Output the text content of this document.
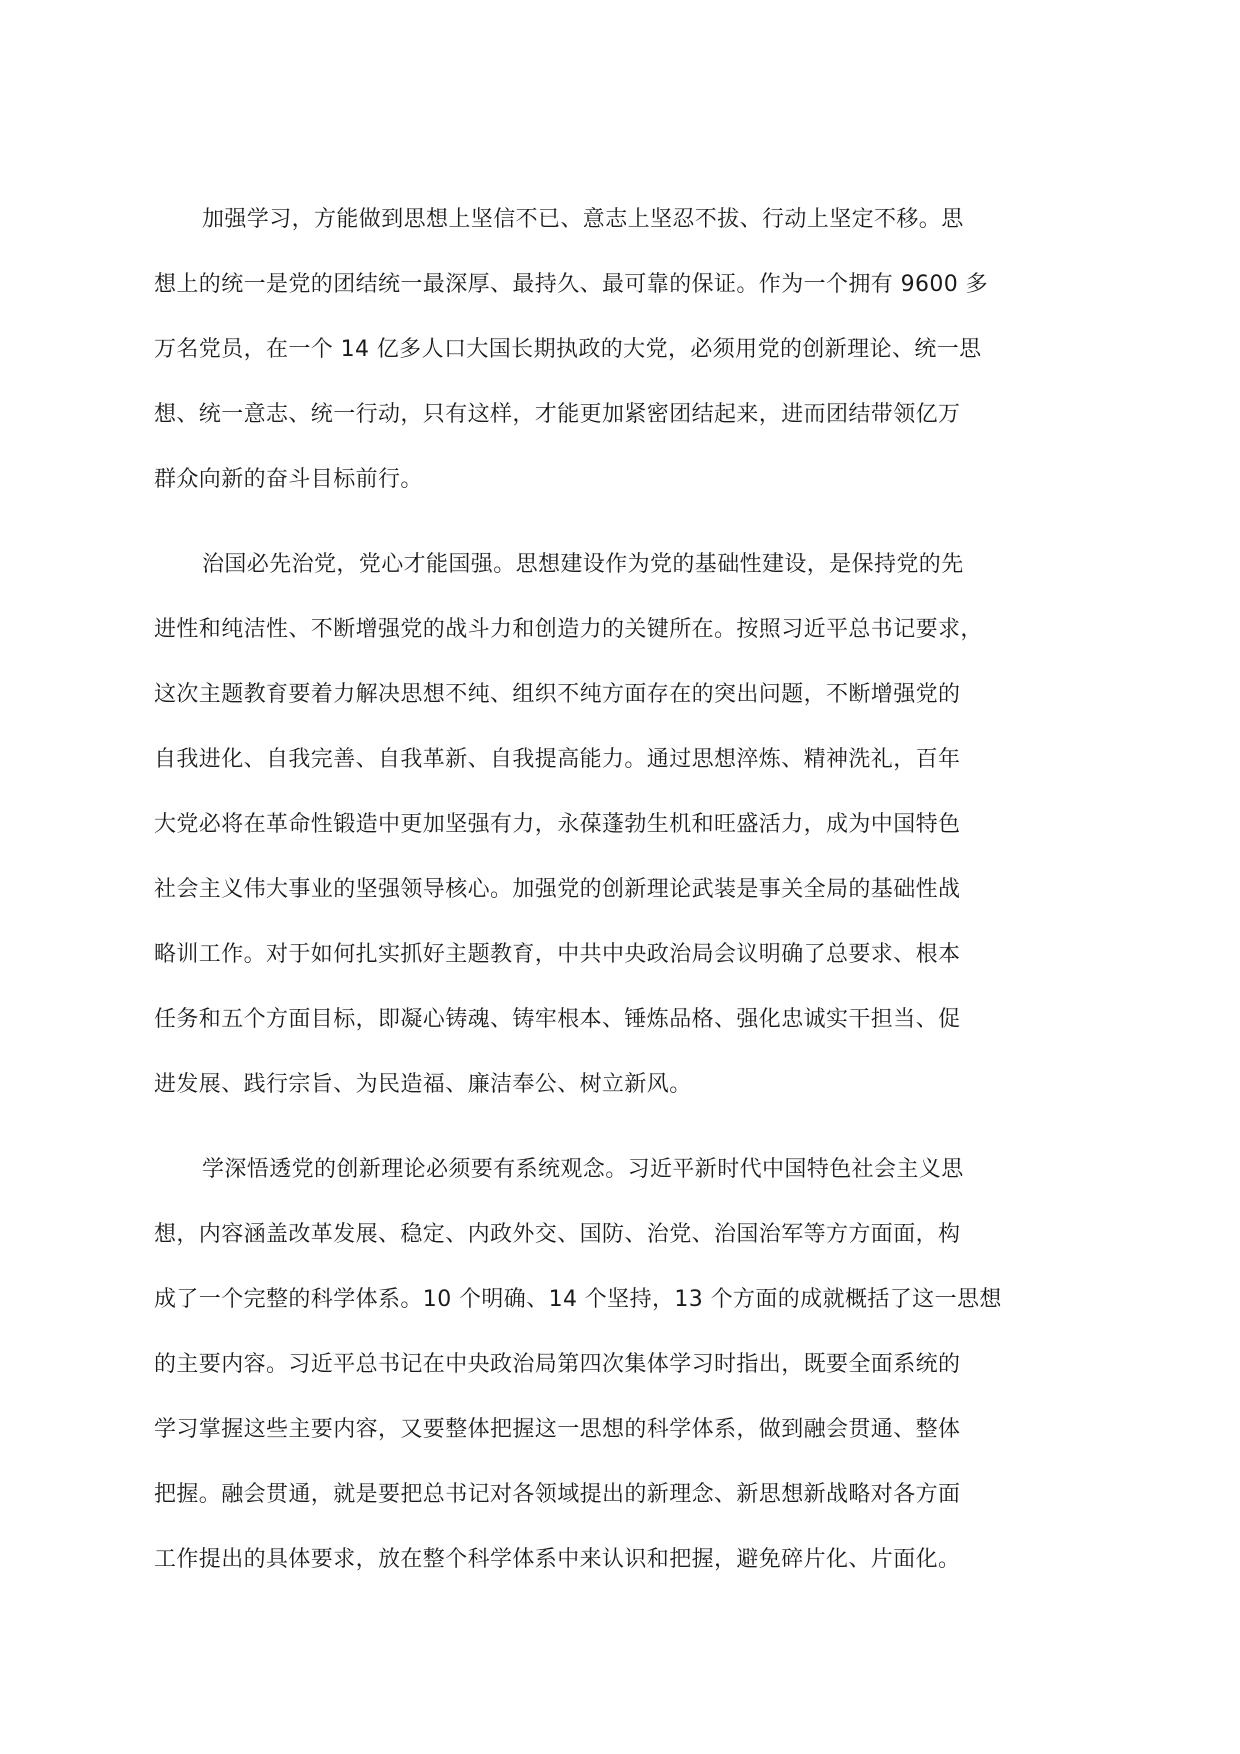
加强学习，方能做到思想上坚信不已、意志上坚忍不拔、行动上坚定不移。思
想上的统一是党的团结统一最深厚、最持久、最可靠的保证。作为一个拥有 9600 多
万名党员，在一个 14 亿多人口大国长期执政的大党，必须用党的创新理论、统一思
想、统一意志、统一行动，只有这样，才能更加紧密团结起来，进而团结带领亿万
群众向新的奋斗目标前行。

治国必先治党，党心才能国强。思想建设作为党的基础性建设，是保持党的先
进性和纯洁性、不断增强党的战斗力和创造力的关键所在。按照习近平总书记要求，
这次主题教育要着力解决思想不纯、组织不纯方面存在的突出问题，不断增强党的
自我进化、自我完善、自我革新、自我提高能力。通过思想淬炼、精神洗礼，百年
大党必将在革命性锻造中更加坚强有力，永葆蓬勃生机和旺盛活力，成为中国特色
社会主义伟大事业的坚强领导核心。加强党的创新理论武装是事关全局的基础性战
略训工作。对于如何扎实抓好主题教育，中共中央政治局会议明确了总要求、根本
任务和五个方面目标，即凝心铸魂、铸牢根本、锤炼品格、强化忠诚实干担当、促
进发展、践行宗旨、为民造福、廉洁奉公、树立新风。

学深悟透党的创新理论必须要有系统观念。习近平新时代中国特色社会主义思
想，内容涵盖改革发展、稳定、内政外交、国防、治党、治国治军等方方面面，构
成了一个完整的科学体系。10 个明确、14 个坚持，13 个方面的成就概括了这一思想
的主要内容。习近平总书记在中央政治局第四次集体学习时指出，既要全面系统的
学习掌握这些主要内容，又要整体把握这一思想的科学体系，做到融会贯通、整体
把握。融会贯通，就是要把总书记对各领域提出的新理念、新思想新战略对各方面
工作提出的具体要求，放在整个科学体系中来认识和把握，避免碎片化、片面化。
